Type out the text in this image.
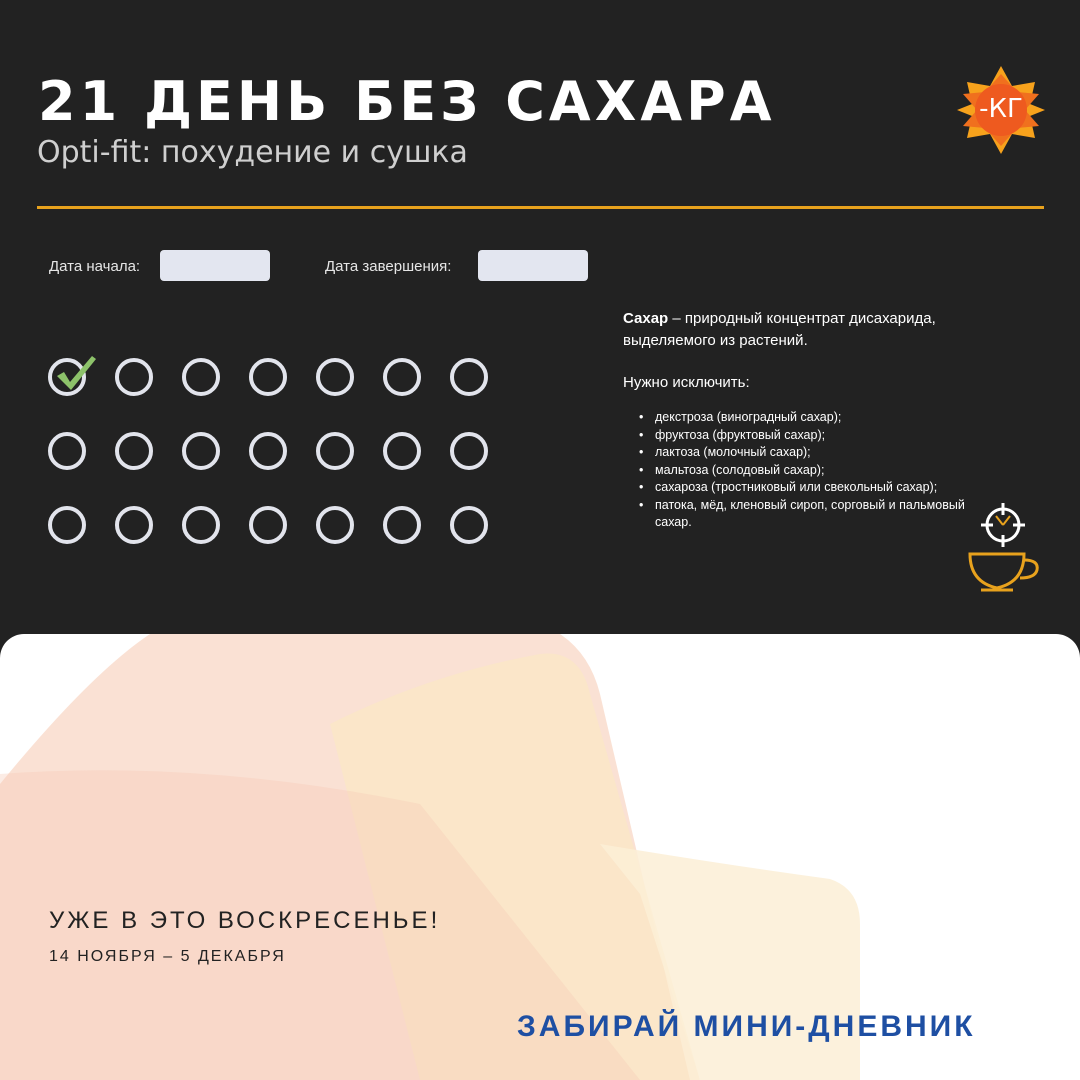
21 ДЕНЬ БЕЗ САХАРА
Opti-fit: похудение и сушка
-КГ
Дата начала:	Дата завершения:

Сахар – природный концентрат дисахарида, выделяемого из растений.

Нужно исключить:

• декстроза (виноградный сахар);
• фруктоза (фруктовый сахар);
• лактоза (молочный сахар);
• мальтоза (солодовый сахар);
• сахароза (тростниковый или свекольный сахар);
• патока, мёд, кленовый сироп, сорговый и пальмовый сахар.
УЖЕ В ЭТО ВОСКРЕСЕНЬЕ!
14 НОЯБРЯ – 5 ДЕКАБРЯ
ЗАБИРАЙ МИНИ-ДНЕВНИК
